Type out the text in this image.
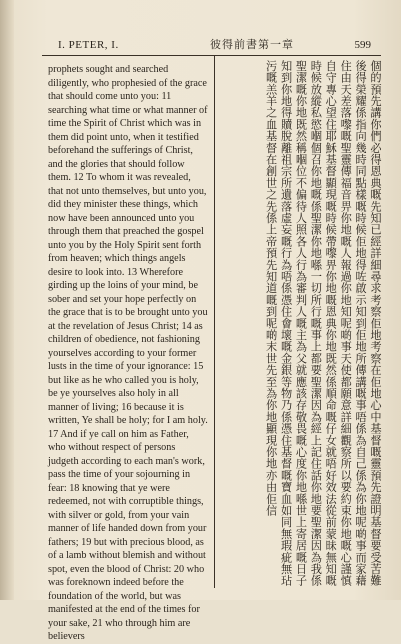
I. PETER, I.	彼得前書第一章	599

prophets sought and searched diligently, who prophesied of the grace that should come unto you: 11 searching what time or what manner of time the Spirit of Christ which was in them did point unto, when it testified beforehand the sufferings of Christ, and the glories that should follow them. 12 To whom it was revealed, that not unto themselves, but unto you, did they minister these things, which now have been announced unto you through them that preached the gospel unto you by the Holy Spirit sent forth from heaven; which things angels desire to look into. 13 Wherefore girding up the loins of your mind, be sober and set your hope perfectly on the grace that is to be brought unto you at the revelation of Jesus Christ; 14 as children of obedience, not fashioning yourselves according to your former lusts in the time of your ignorance: 15 but like as he who called you is holy, be ye yourselves also holy in all manner of living; 16 because it is written, Ye shall be holy; for I am holy. 17 And if ye call on him as Father, who without respect of persons judgeth according to each man's work, pass the time of your sojourning in fear: 18 knowing that ye were redeemed, not with corruptible things, with silver or gold, from your vain manner of life handed down from your fathers; 19 but with precious blood, as of a lamb without blemish and without spot, even the blood of Christ: 20 who was foreknown indeed before the foundation of the world, but was manifested at the end of the times for your sake, 21 who through him are believers

個的預先講你們必得恩典嘅先知已經詳細尋求考察佢地考察在佢地心中基督嘅靈預先證明基督要受苦難後得榮耀係指向幾時同點樣嘅時候佢地得咗啟示知到佢地所傳講嘅事唔係為自己係為你地呢啲事而家藉住由天差落嚟嘅聖靈傳福音畀你地嘅人報過你地知呢啲事天使都願意詳細觀察所以要約束你地嘅心謹慎自守專心望住耶穌基督顯現嘅時候帶嚟畀你地嘅恩典你地既然係順命嘅仔女就唔好效法從前蒙昧無知嘅時候放縱私慾嗰個召你地嘅係聖潔你地喺一切所行嘅事上都要聖潔因為經上記住話你地要聖潔因為我係聖潔嘅你地既然稱嗰位不偏待人照各人行為審判人嘅主為父就應該存敬畏嘅心度你地喺世上寄居嘅日子知到你地得贖脫離祖宗所遺落虛妄嘅行為唔係憑住會壞嘅金銀等物乃係憑住基督嘅寶血如同無瑕疵無玷污嘅羔羊之血基督在創世之先係上帝預先知道嘅到呢啲末世先至為你地顯現你地亦由佢信
